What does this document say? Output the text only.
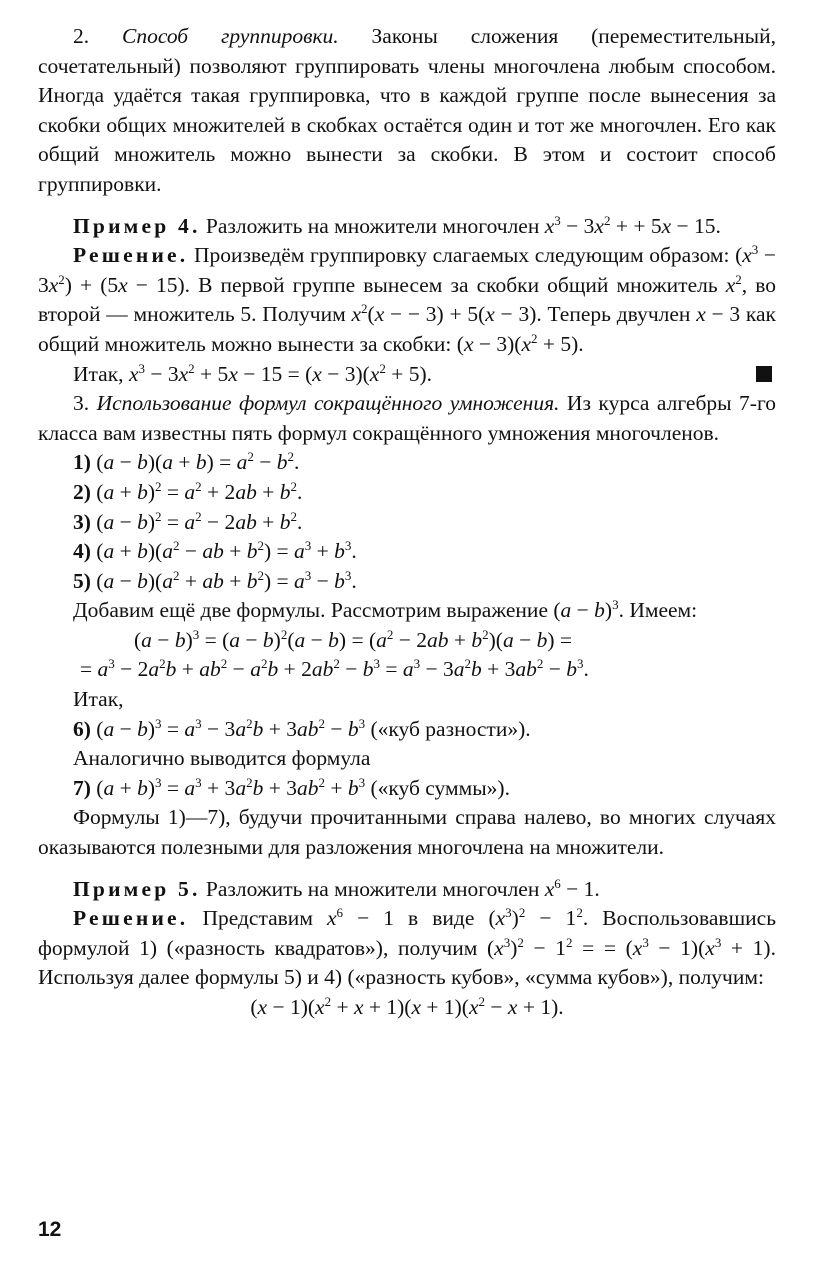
2. Способ группировки. Законы сложения (переместительный, сочетательный) позволяют группировать члены многочлена любым способом. Иногда удаётся такая группировка, что в каждой группе после вынесения за скобки общих множителей в скобках остаётся один и тот же многочлен. Его как общий множитель можно вынести за скобки. В этом и состоит способ группировки.

Пример 4. Разложить на множители многочлен $x^3 - 3x^2$ + + 5x − 15.

Решение. Произведём группировку слагаемых следующим образом: $(x^3 - 3x^2) + (5x - 15)$. В первой группе вынесем за скобки общий множитель $x^2$, во второй — множитель 5. Получим $x^2(x$ − − 3) + 5(x − 3). Теперь двучлен x − 3 как общий множитель можно вынести за скобки: $(x - 3)(x^2 + 5)$.

Итак, $x^3 - 3x^2 + 5x - 15 = (x - 3)(x^2 + 5)$.

3. Использование формул сокращённого умножения. Из курса алгебры 7-го класса вам известны пять формул сокращённого умножения многочленов.

1) $(a - b)(a + b) = a^2 - b^2$.

2) $(a + b)^2 = a^2 + 2ab + b^2$.

3) $(a - b)^2 = a^2 - 2ab + b^2$.

4) $(a + b)(a^2$ − ab + $b^2) = a^3 + b^3$.

5) $(a - b)(a^2$ + ab + $b^2) = a^3 - b^3$.

Добавим ещё две формулы. Рассмотрим выражение $(a - b)^3$. Имеем:

$(a - b)^3 = (a - b)^2(a - b) = (a^2 - 2ab + b^2)(a - b)$ =

= $a^3 - 2a^2b + ab^2 - a^2b + 2ab^2 - b^3 = a^3 - 3a^2b + 3ab^2 - b^3$.

Итак,

6) $(a - b)^3 = a^3 - 3a^2b + 3ab^2 - b^3$ («куб разности»).

Аналогично выводится формула

7) $(a + b)^3 = a^3 + 3a^2b + 3ab^2 + b^3$ («куб суммы»).

Формулы 1)—7), будучи прочитанными справа налево, во многих случаях оказываются полезными для разложения многочлена на множители.

Пример 5. Разложить на множители многочлен $x^6 - 1$.

Решение. Представим $x^6 - 1$ в виде $(x^3)^2 - 1^2$. Воспользовавшись формулой 1) («разность квадратов»), получим $(x^3)^2 - 1^2$ = = $(x^3 - 1)(x^3 + 1)$. Используя далее формулы 5) и 4) («разность кубов», «сумма кубов»), получим:

$(x - 1)(x^2 + x + 1)(x + 1)(x^2 - x + 1)$.

12
